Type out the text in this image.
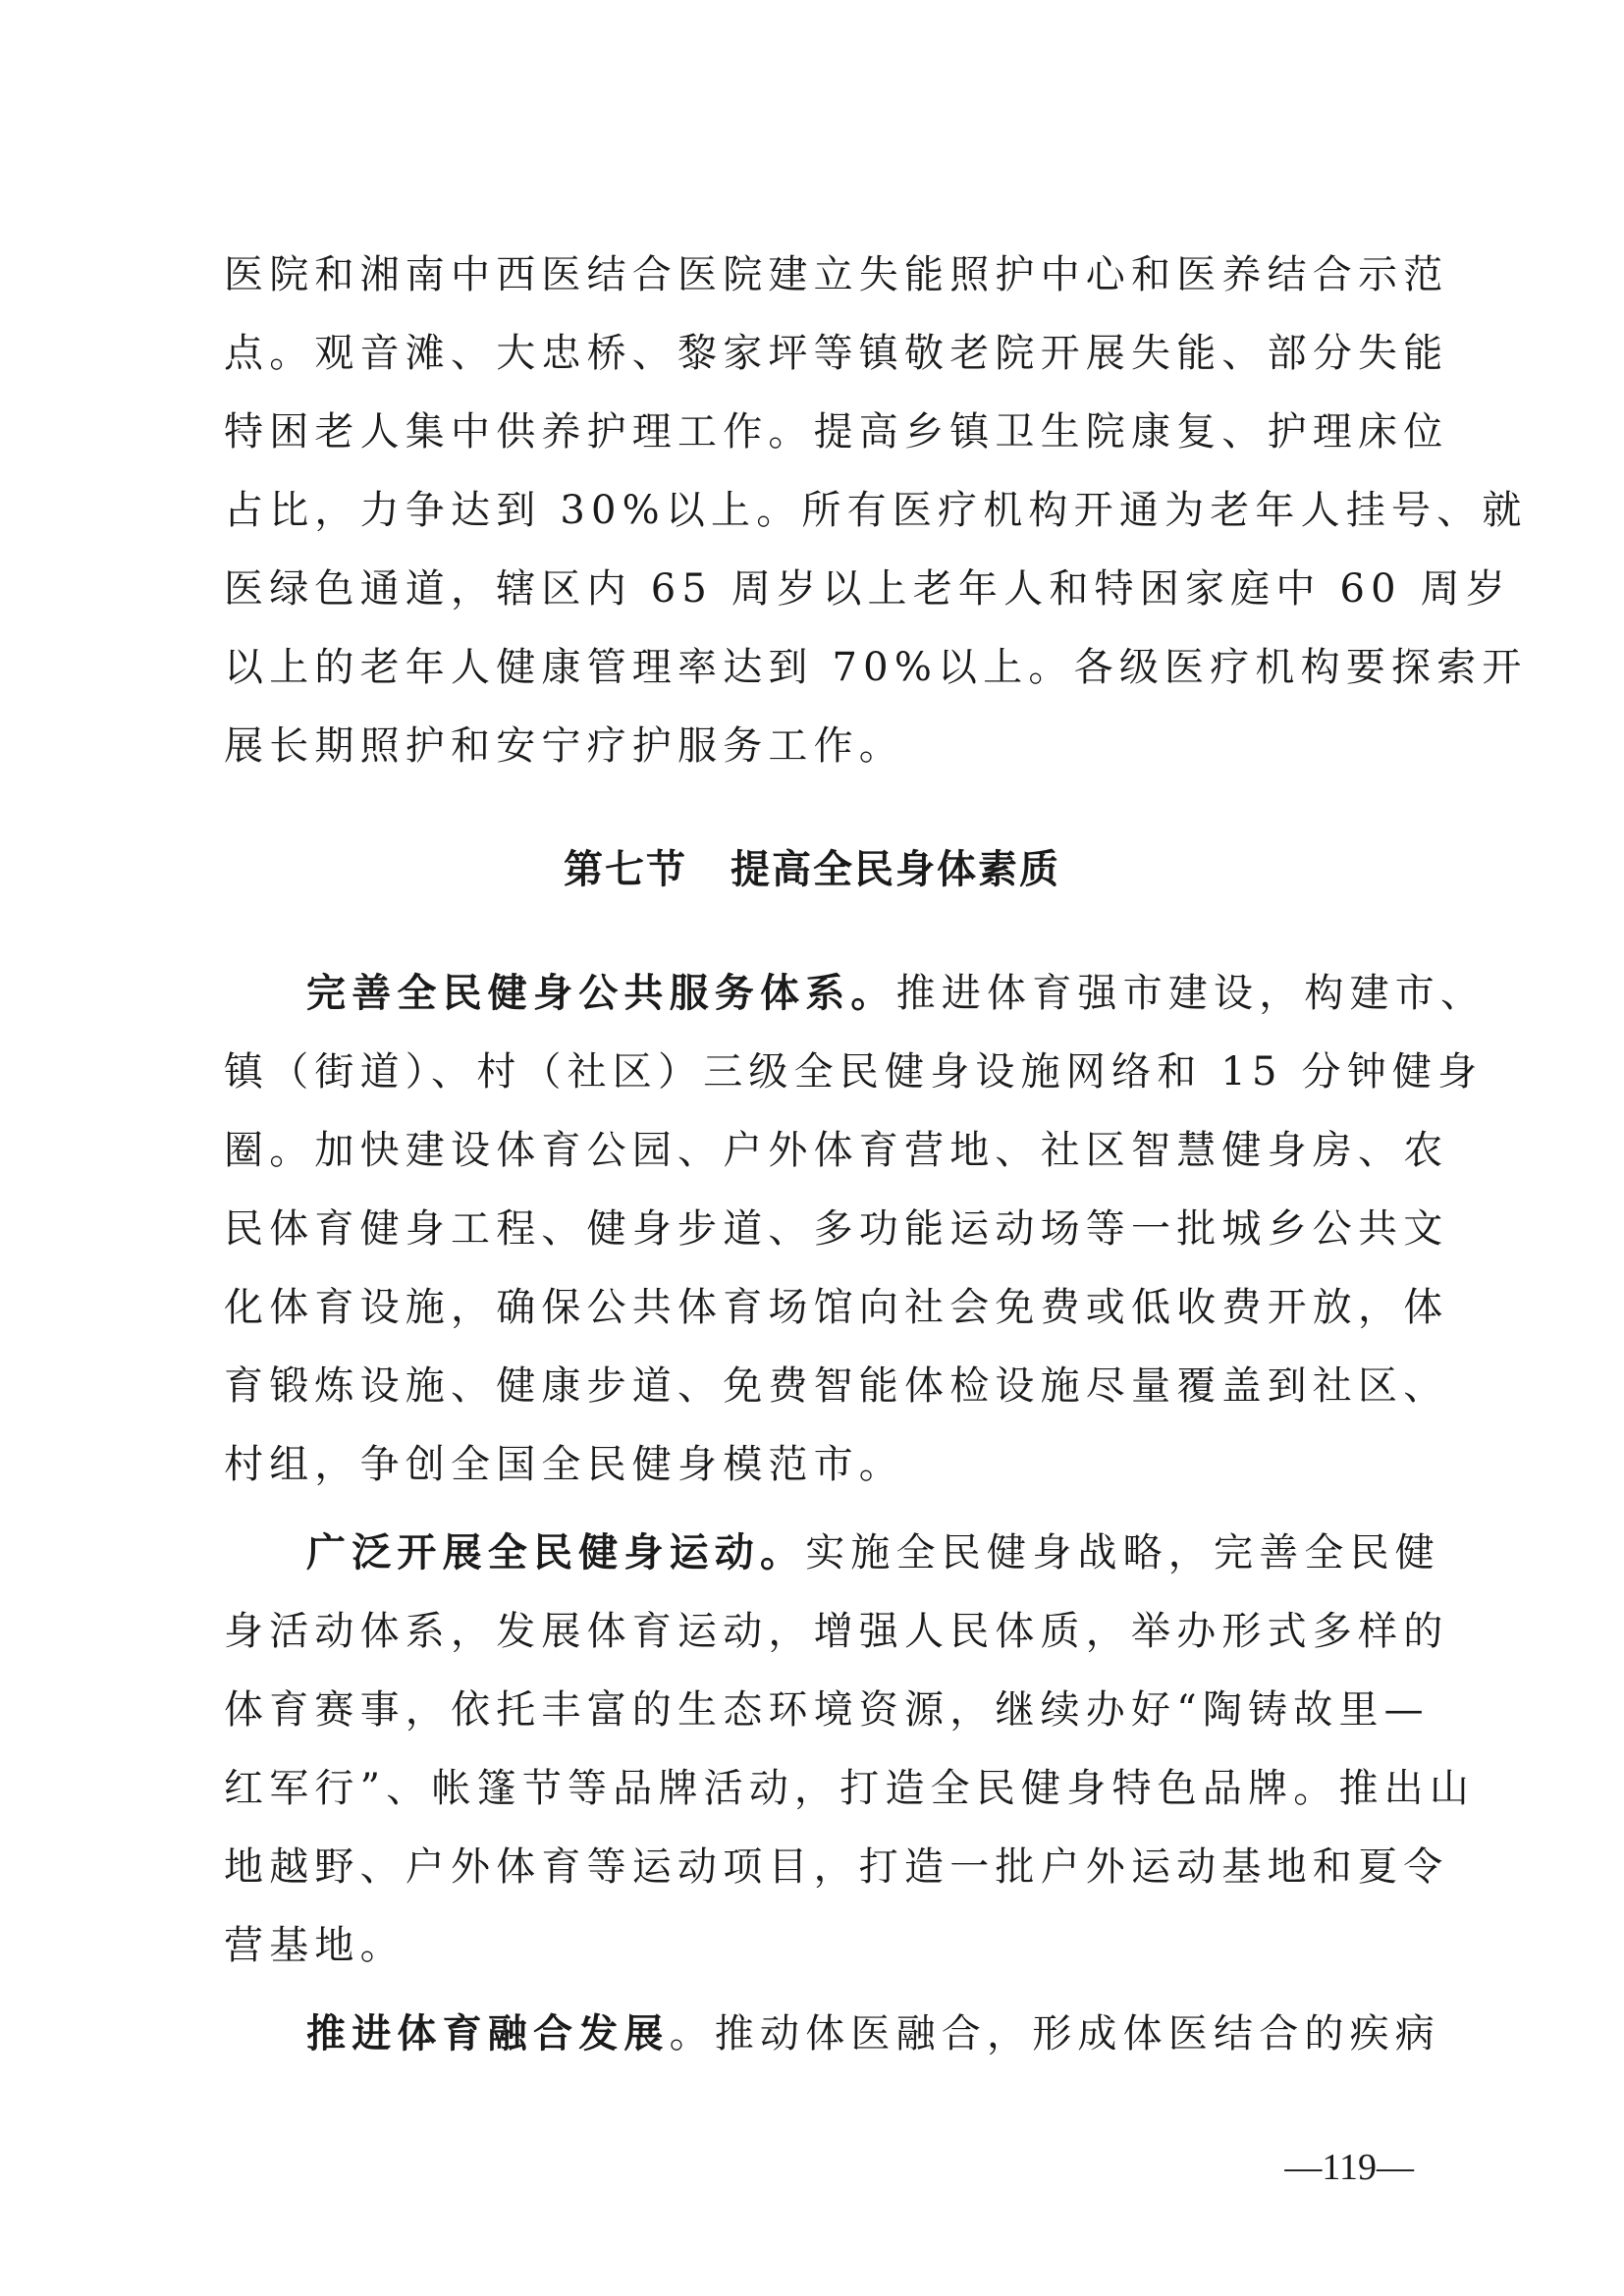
医院和湘南中西医结合医院建立失能照护中心和医养结合示范
点。观音滩、大忠桥、黎家坪等镇敬老院开展失能、部分失能
特困老人集中供养护理工作。提高乡镇卫生院康复、护理床位
占比，力争达到 30%以上。所有医疗机构开通为老年人挂号、就
医绿色通道，辖区内 65 周岁以上老年人和特困家庭中 60 周岁
以上的老年人健康管理率达到 70%以上。各级医疗机构要探索开
展长期照护和安宁疗护服务工作。
第七节 提高全民身体素质
完善全民健身公共服务体系。推进体育强市建设，构建市、
镇（街道）、村（社区）三级全民健身设施网络和 15 分钟健身
圈。加快建设体育公园、户外体育营地、社区智慧健身房、农
民体育健身工程、健身步道、多功能运动场等一批城乡公共文
化体育设施，确保公共体育场馆向社会免费或低收费开放，体
育锻炼设施、健康步道、免费智能体检设施尽量覆盖到社区、
村组，争创全国全民健身模范市。
广泛开展全民健身运动。实施全民健身战略，完善全民健
身活动体系，发展体育运动，增强人民体质，举办形式多样的
体育赛事，依托丰富的生态环境资源，继续办好“陶铸故里—
红军行”、帐篷节等品牌活动，打造全民健身特色品牌。推出山
地越野、户外体育等运动项目，打造一批户外运动基地和夏令
营基地。
推进体育融合发展。推动体医融合，形成体医结合的疾病
—119—
